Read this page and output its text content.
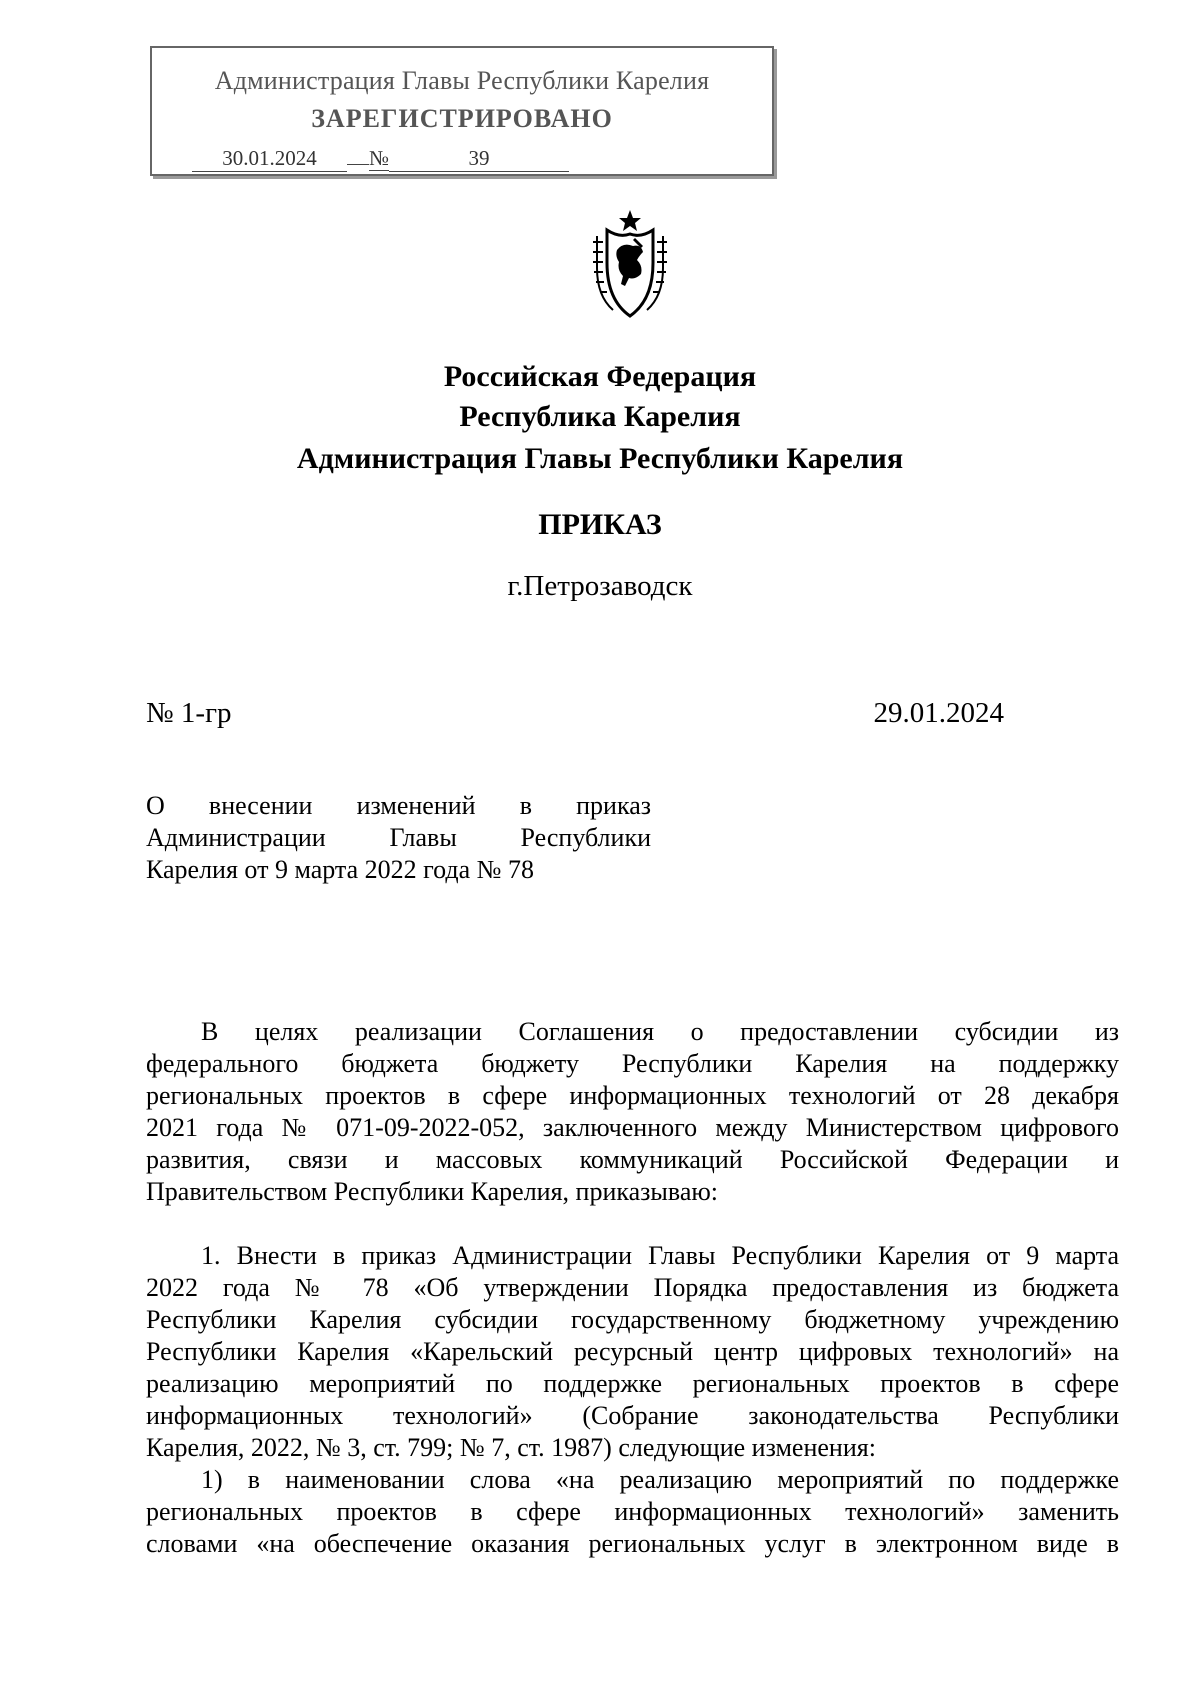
Администрация Главы Республики Карелия
ЗАРЕГИСТРИРОВАНО
30.01.2024 №	39
Российская Федерация
Республика Карелия
Администрация Главы Республики Карелия
ПРИКАЗ
г.Петрозаводск
№ 1-гр	29.01.2024
О внесении изменений в приказ
Администрации Главы Республики
Карелия от 9 марта 2022 года № 78
В целях реализации Соглашения о предоставлении субсидии из
федерального бюджета бюджету Республики Карелия на поддержку
региональных проектов в сфере информационных технологий от 28 декабря
2021 года № 071-09-2022-052, заключенного между Министерством цифрового
развития, связи и массовых коммуникаций Российской Федерации и
Правительством Республики Карелия, приказываю:
1. Внести в приказ Администрации Главы Республики Карелия от 9 марта
2022 года № 78 «Об утверждении Порядка предоставления из бюджета
Республики Карелия субсидии государственному бюджетному учреждению
Республики Карелия «Карельский ресурсный центр цифровых технологий» на
реализацию мероприятий по поддержке региональных проектов в сфере
информационных технологий» (Собрание законодательства Республики
Карелия, 2022, № 3, ст. 799; № 7, ст. 1987) следующие изменения:
1) в наименовании слова «на реализацию мероприятий по поддержке
региональных проектов в сфере информационных технологий» заменить
словами «на обеспечение оказания региональных услуг в электронном виде в
